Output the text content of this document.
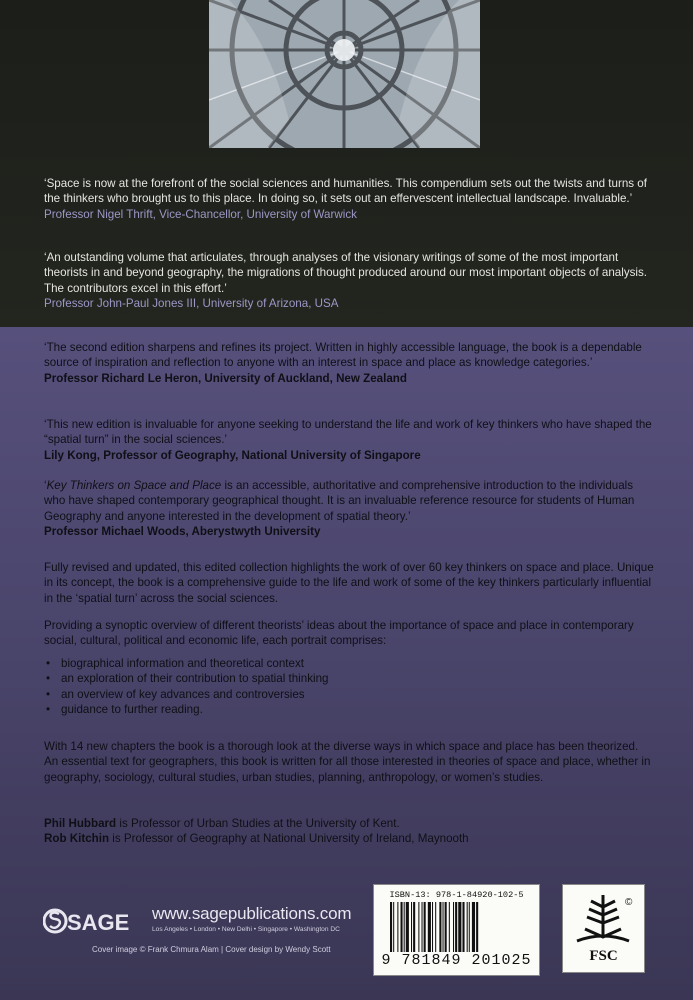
‘Space is now at the forefront of the social sciences and humanities. This compendium sets out the twists and turns of the thinkers who brought us to this place. In doing so, it sets out an effervescent intellectual landscape. Invaluable.’
Professor Nigel Thrift, Vice-Chancellor, University of Warwick
‘An outstanding volume that articulates, through analyses of the visionary writings of some of the most important theorists in and beyond geography, the migrations of thought produced around our most important objects of analysis. The contributors excel in this effort.’
Professor John-Paul Jones III, University of Arizona, USA
‘The second edition sharpens and refines its project. Written in highly accessible language, the book is a dependable source of inspiration and reflection to anyone with an interest in space and place as knowledge categories.’
Professor Richard Le Heron, University of Auckland, New Zealand
‘This new edition is invaluable for anyone seeking to understand the life and work of key thinkers who have shaped the “spatial turn” in the social sciences.’
Lily Kong, Professor of Geography, National University of Singapore
‘Key Thinkers on Space and Place is an accessible, authoritative and comprehensive introduction to the individuals who have shaped contemporary geographical thought. It is an invaluable reference resource for students of Human Geography and anyone interested in the development of spatial theory.’
Professor Michael Woods, Aberystwyth University
Fully revised and updated, this edited collection highlights the work of over 60 key thinkers on space and place. Unique in its concept, the book is a comprehensive guide to the life and work of some of the key thinkers particularly influential in the ‘spatial turn’ across the social sciences.
Providing a synoptic overview of different theorists’ ideas about the importance of space and place in contemporary social, cultural, political and economic life, each portrait comprises:
• biographical information and theoretical context
• an exploration of their contribution to spatial thinking
• an overview of key advances and controversies
• guidance to further reading.
With 14 new chapters the book is a thorough look at the diverse ways in which space and place has been theorized. An essential text for geographers, this book is written for all those interested in theories of space and place, whether in geography, sociology, cultural studies, urban studies, planning, anthropology, or women’s studies.
Phil Hubbard is Professor of Urban Studies at the University of Kent.
Rob Kitchin is Professor of Geography at National University of Ireland, Maynooth
SAGE www.sagepublications.com
Los Angeles • London • New Delhi • Singapore • Washington DC
Cover image © Frank Chmura Alam | Cover design by Wendy Scott
ISBN-13: 978-1-84920-102-5
9 781849 201025
©
FSC
